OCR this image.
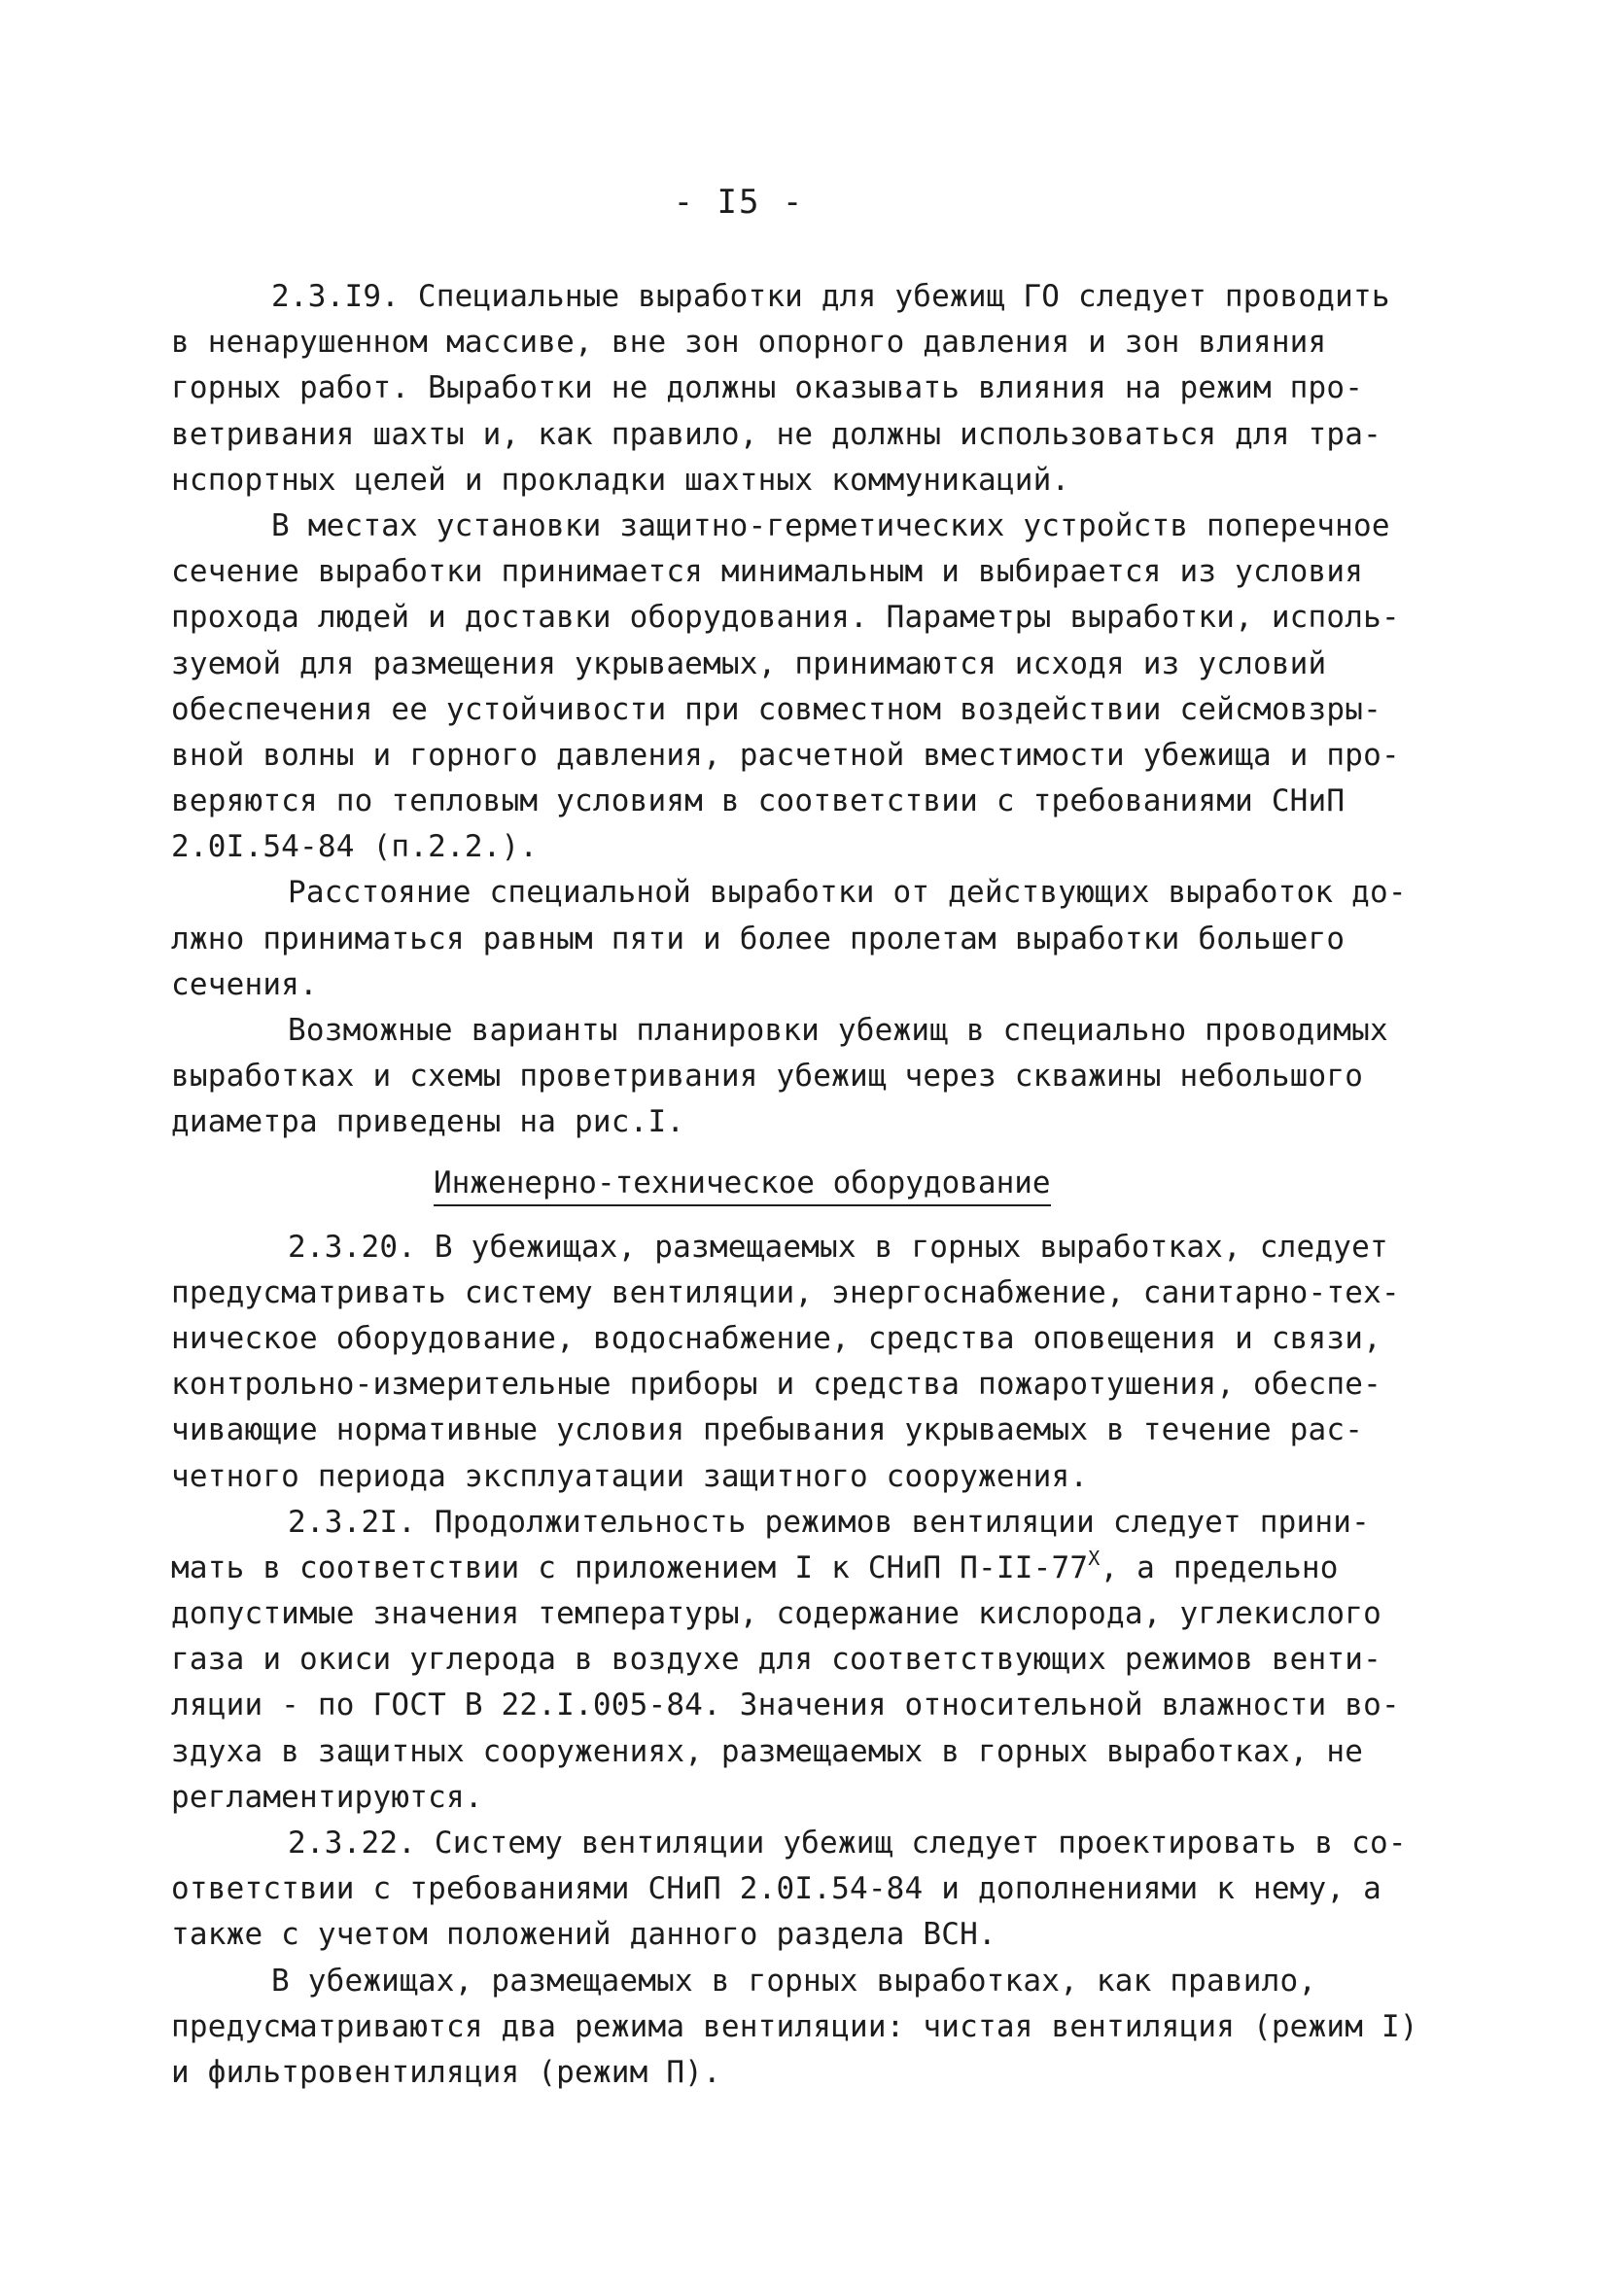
- I5 -
2.3.I9. Специальные выработки для убежищ ГО следует проводить
в ненарушенном массиве, вне зон опорного давления и зон влияния
горных работ. Выработки не должны оказывать влияния на режим про-
ветривания шахты и, как правило, не должны использоваться для тра-
нспортных целей и прокладки шахтных коммуникаций.
В местах установки защитно-герметических устройств поперечное
сечение выработки принимается минимальным и выбирается из условия
прохода людей и доставки оборудования. Параметры выработки, исполь-
зуемой для размещения укрываемых, принимаются исходя из условий
обеспечения ее устойчивости при совместном воздействии сейсмовзры-
вной волны и горного давления, расчетной вместимости убежища и про-
веряются по тепловым условиям в соответствии с требованиями СНиП
2.0I.54-84 (п.2.2.).
Расстояние специальной выработки от действующих выработок до-
лжно приниматься равным пяти и более пролетам выработки большего
сечения.
Возможные варианты планировки убежищ в специально проводимых
выработках и схемы проветривания убежищ через скважины небольшого
диаметра приведены на рис.I.
Инженерно-техническое оборудование
2.3.20. В убежищах, размещаемых в горных выработках, следует
предусматривать систему вентиляции, энергоснабжение, санитарно-тех-
ническое оборудование, водоснабжение, средства оповещения и связи,
контрольно-измерительные приборы и средства пожаротушения, обеспе-
чивающие нормативные условия пребывания укрываемых в течение рас-
четного периода эксплуатации защитного сооружения.
2.3.2I. Продолжительность режимов вентиляции следует прини-
мать в соответствии с приложением I к СНиП $П-II-77^Х$, а предельно
допустимые значения температуры, содержание кислорода, углекислого
газа и окиси углерода в воздухе для соответствующих режимов венти-
ляции - по ГОСТ В 22.I.005-84. Значения относительной влажности во-
здуха в защитных сооружениях, размещаемых в горных выработках, не
регламентируются.
2.3.22. Систему вентиляции убежищ следует проектировать в со-
ответствии с требованиями СНиП 2.0I.54-84 и дополнениями к нему, а
также с учетом положений данного раздела ВСН.
В убежищах, размещаемых в горных выработках, как правило,
предусматриваются два режима вентиляции: чистая вентиляция (режим I)
и фильтровентиляция (режим П).
